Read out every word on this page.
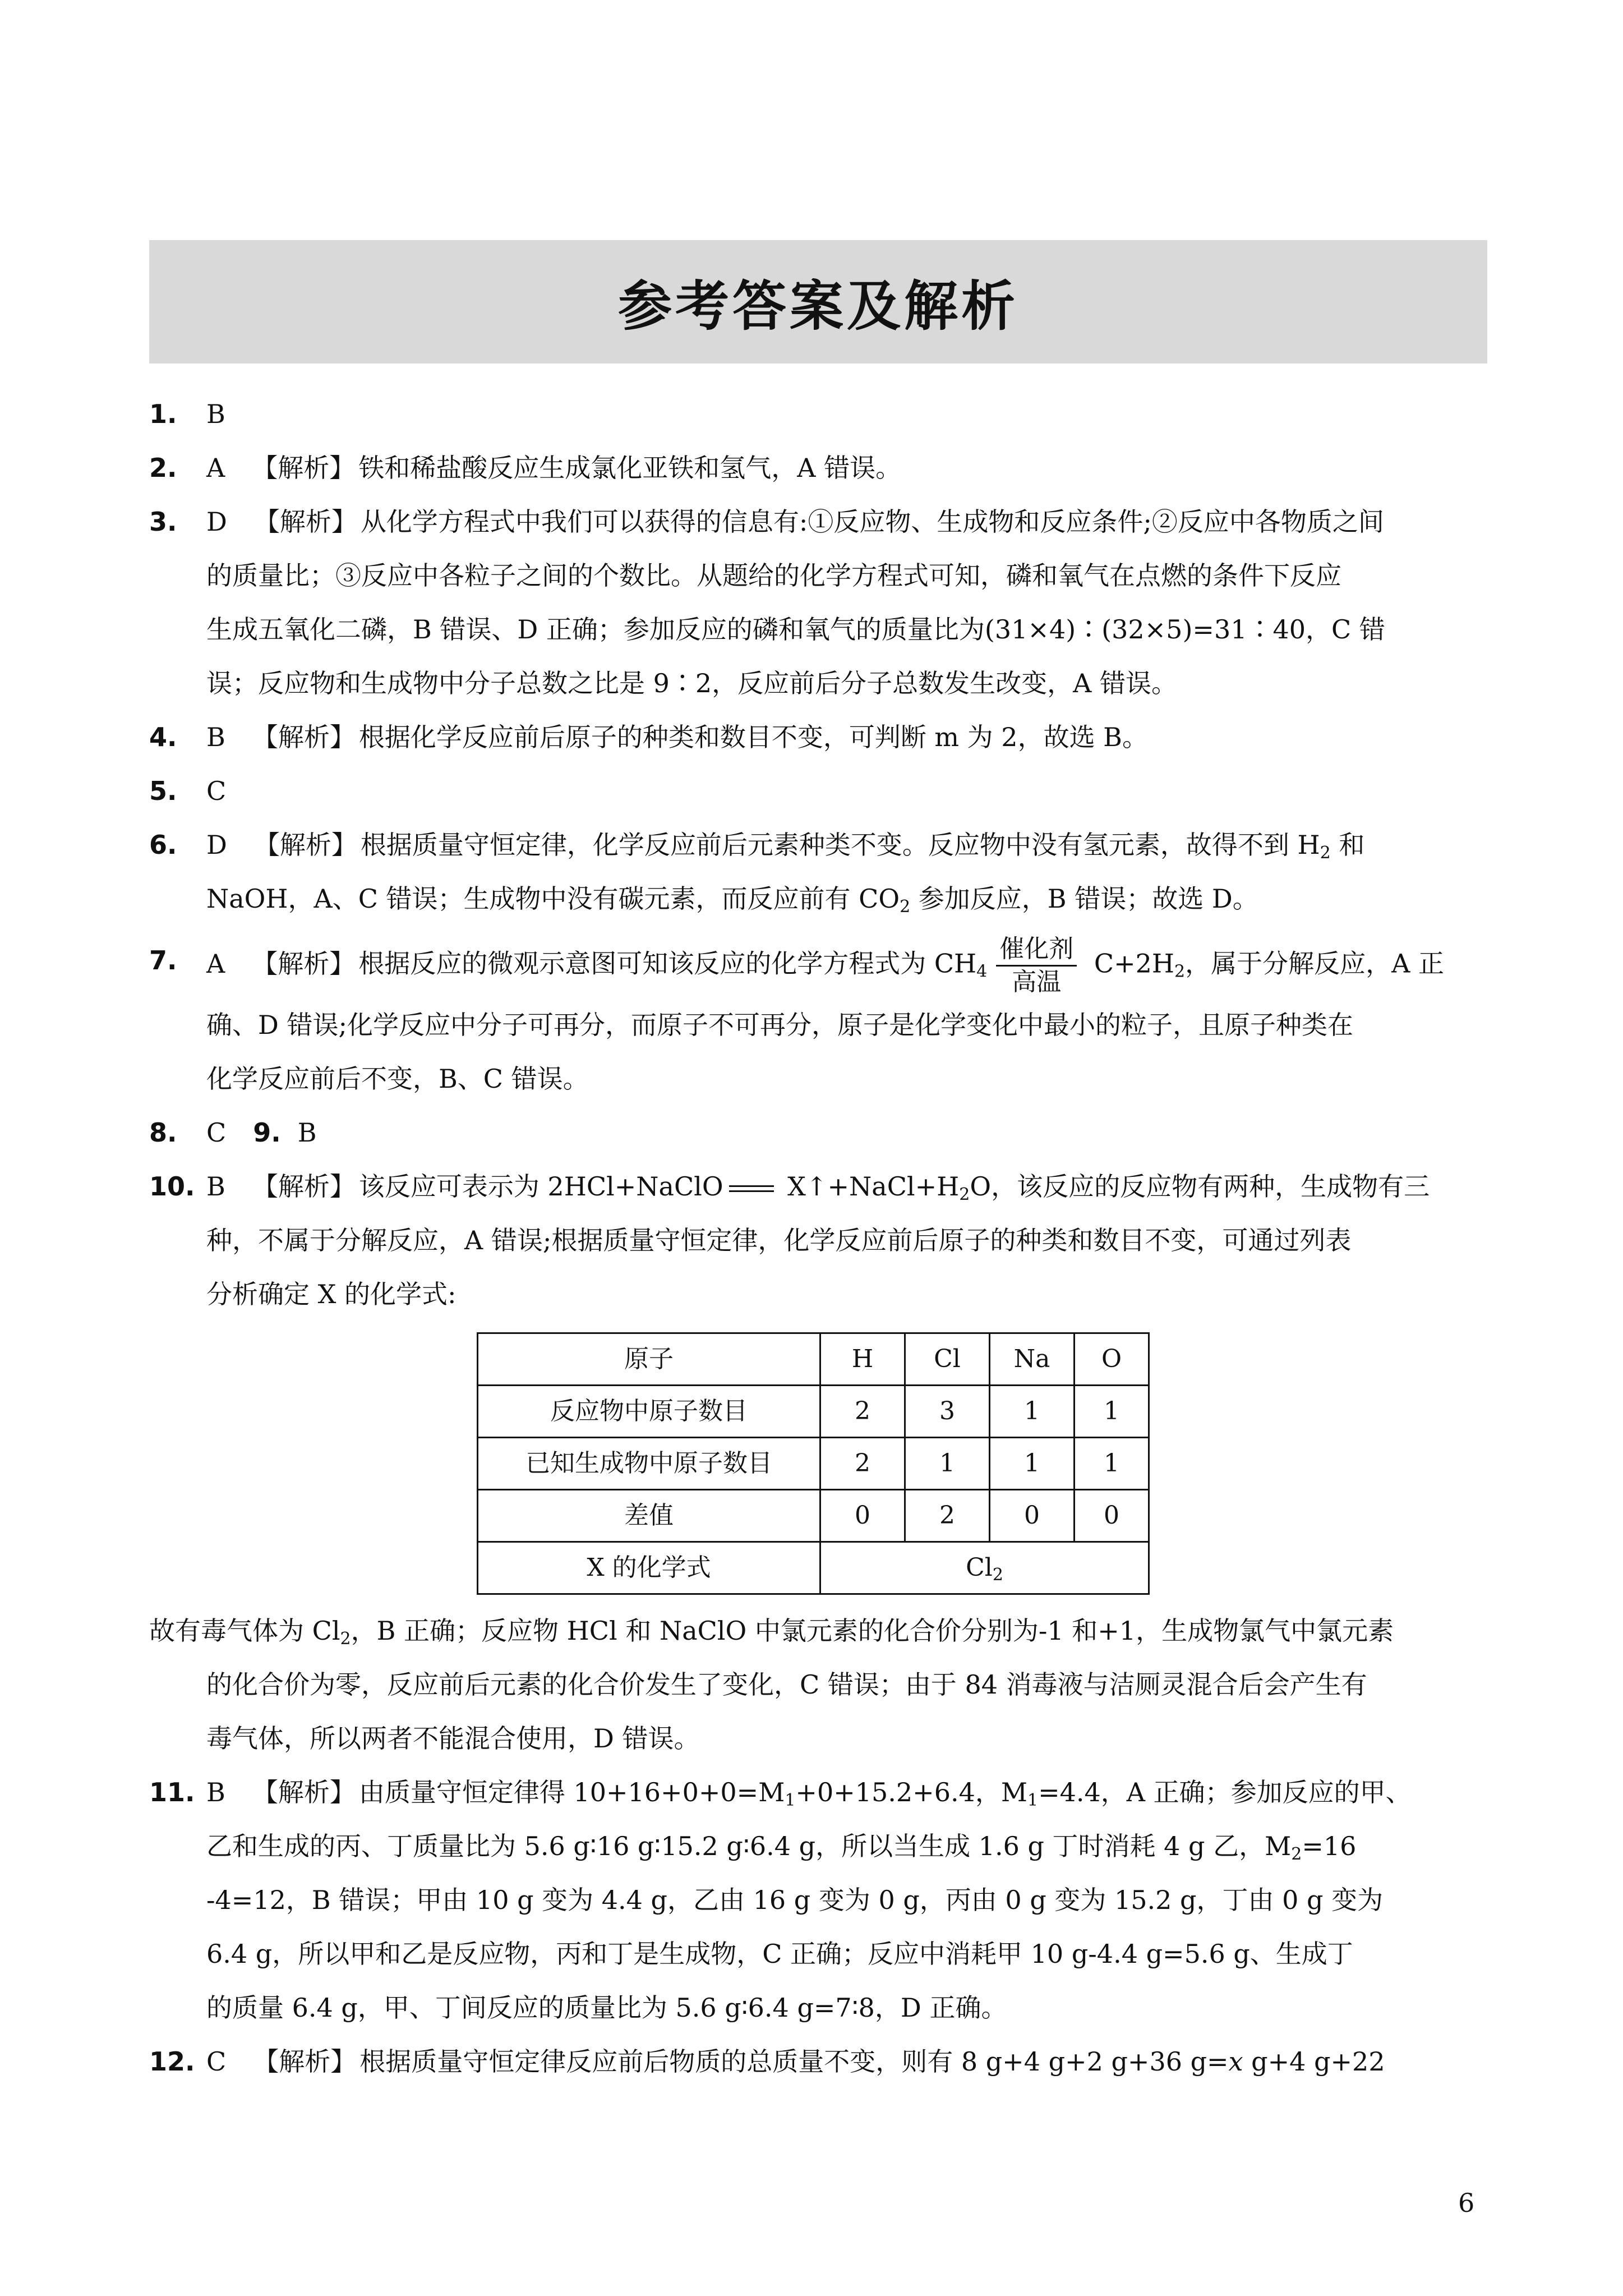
参考答案及解析
1. B
2. A 【解析】 铁和稀盐酸反应生成氯化亚铁和氢气，A 错误。
3. D 【解析】 从化学方程式中我们可以获得的信息有:①反应物、生成物和反应条件;②反应中各物质之间
的质量比；③反应中各粒子之间的个数比。从题给的化学方程式可知，磷和氧气在点燃的条件下反应
生成五氧化二磷，B 错误、D 正确；参加反应的磷和氧气的质量比为(31×4)∶(32×5)=31∶40，C 错
误；反应物和生成物中分子总数之比是 9∶2，反应前后分子总数发生改变，A 错误。
4. B 【解析】 根据化学反应前后原子的种类和数目不变，可判断 m 为 2，故选 B。
5. C
6. D 【解析】 根据质量守恒定律，化学反应前后元素种类不变。反应物中没有氢元素，故得不到 $H_2$ 和
NaOH，A、C 错误；生成物中没有碳元素，而反应前有 $CO_2$ 参加反应，B 错误；故选 D。
7. A 【解析】 根据反应的微观示意图可知该反应的化学方程式为 $CH_4 \frac{\text{催化剂}}{\text{高温}} C+2H_2$，属于分解反应，A 正
确、D 错误;化学反应中分子可再分，而原子不可再分，原子是化学变化中最小的粒子，且原子种类在
化学反应前后不变，B、C 错误。
8. C 9. B
10. B 【解析】 该反应可表示为 2HCl+NaClO $X↑+NaCl+H_2O$，该反应的反应物有两种，生成物有三
种，不属于分解反应，A 错误;根据质量守恒定律，化学反应前后原子的种类和数目不变，可通过列表
分析确定 X 的化学式:
原子	H	Cl	Na	O
反应物中原子数目	2	3	1	1
已知生成物中原子数目	2	1	1	1
差值	0	2	0	0
X 的化学式	$Cl_2$
故有毒气体为 $Cl_2$，B 正确；反应物 HCl 和 NaClO 中氯元素的化合价分别为-1 和+1，生成物氯气中氯元素
的化合价为零，反应前后元素的化合价发生了变化，C 错误；由于 84 消毒液与洁厕灵混合后会产生有
毒气体，所以两者不能混合使用，D 错误。
11. B 【解析】 由质量守恒定律得 $10+16+0+0=M_1+0+15.2+6.4$，$M_1=4.4$，A 正确；参加反应的甲、
乙和生成的丙、丁质量比为 5.6 g∶16 g∶15.2 g∶6.4 g，所以当生成 1.6 g 丁时消耗 4 g 乙，$M_2=16$
-4=12，B 错误；甲由 10 g 变为 4.4 g，乙由 16 g 变为 0 g，丙由 0 g 变为 15.2 g，丁由 0 g 变为
6.4 g，所以甲和乙是反应物，丙和丁是生成物，C 正确；反应中消耗甲 10 g-4.4 g=5.6 g、生成丁
的质量 6.4 g，甲、丁间反应的质量比为 5.6 g∶6.4 g=7∶8，D 正确。
12. C 【解析】 根据质量守恒定律反应前后物质的总质量不变，则有 8 g+4 g+2 g+36 g=x g+4 g+22
6
